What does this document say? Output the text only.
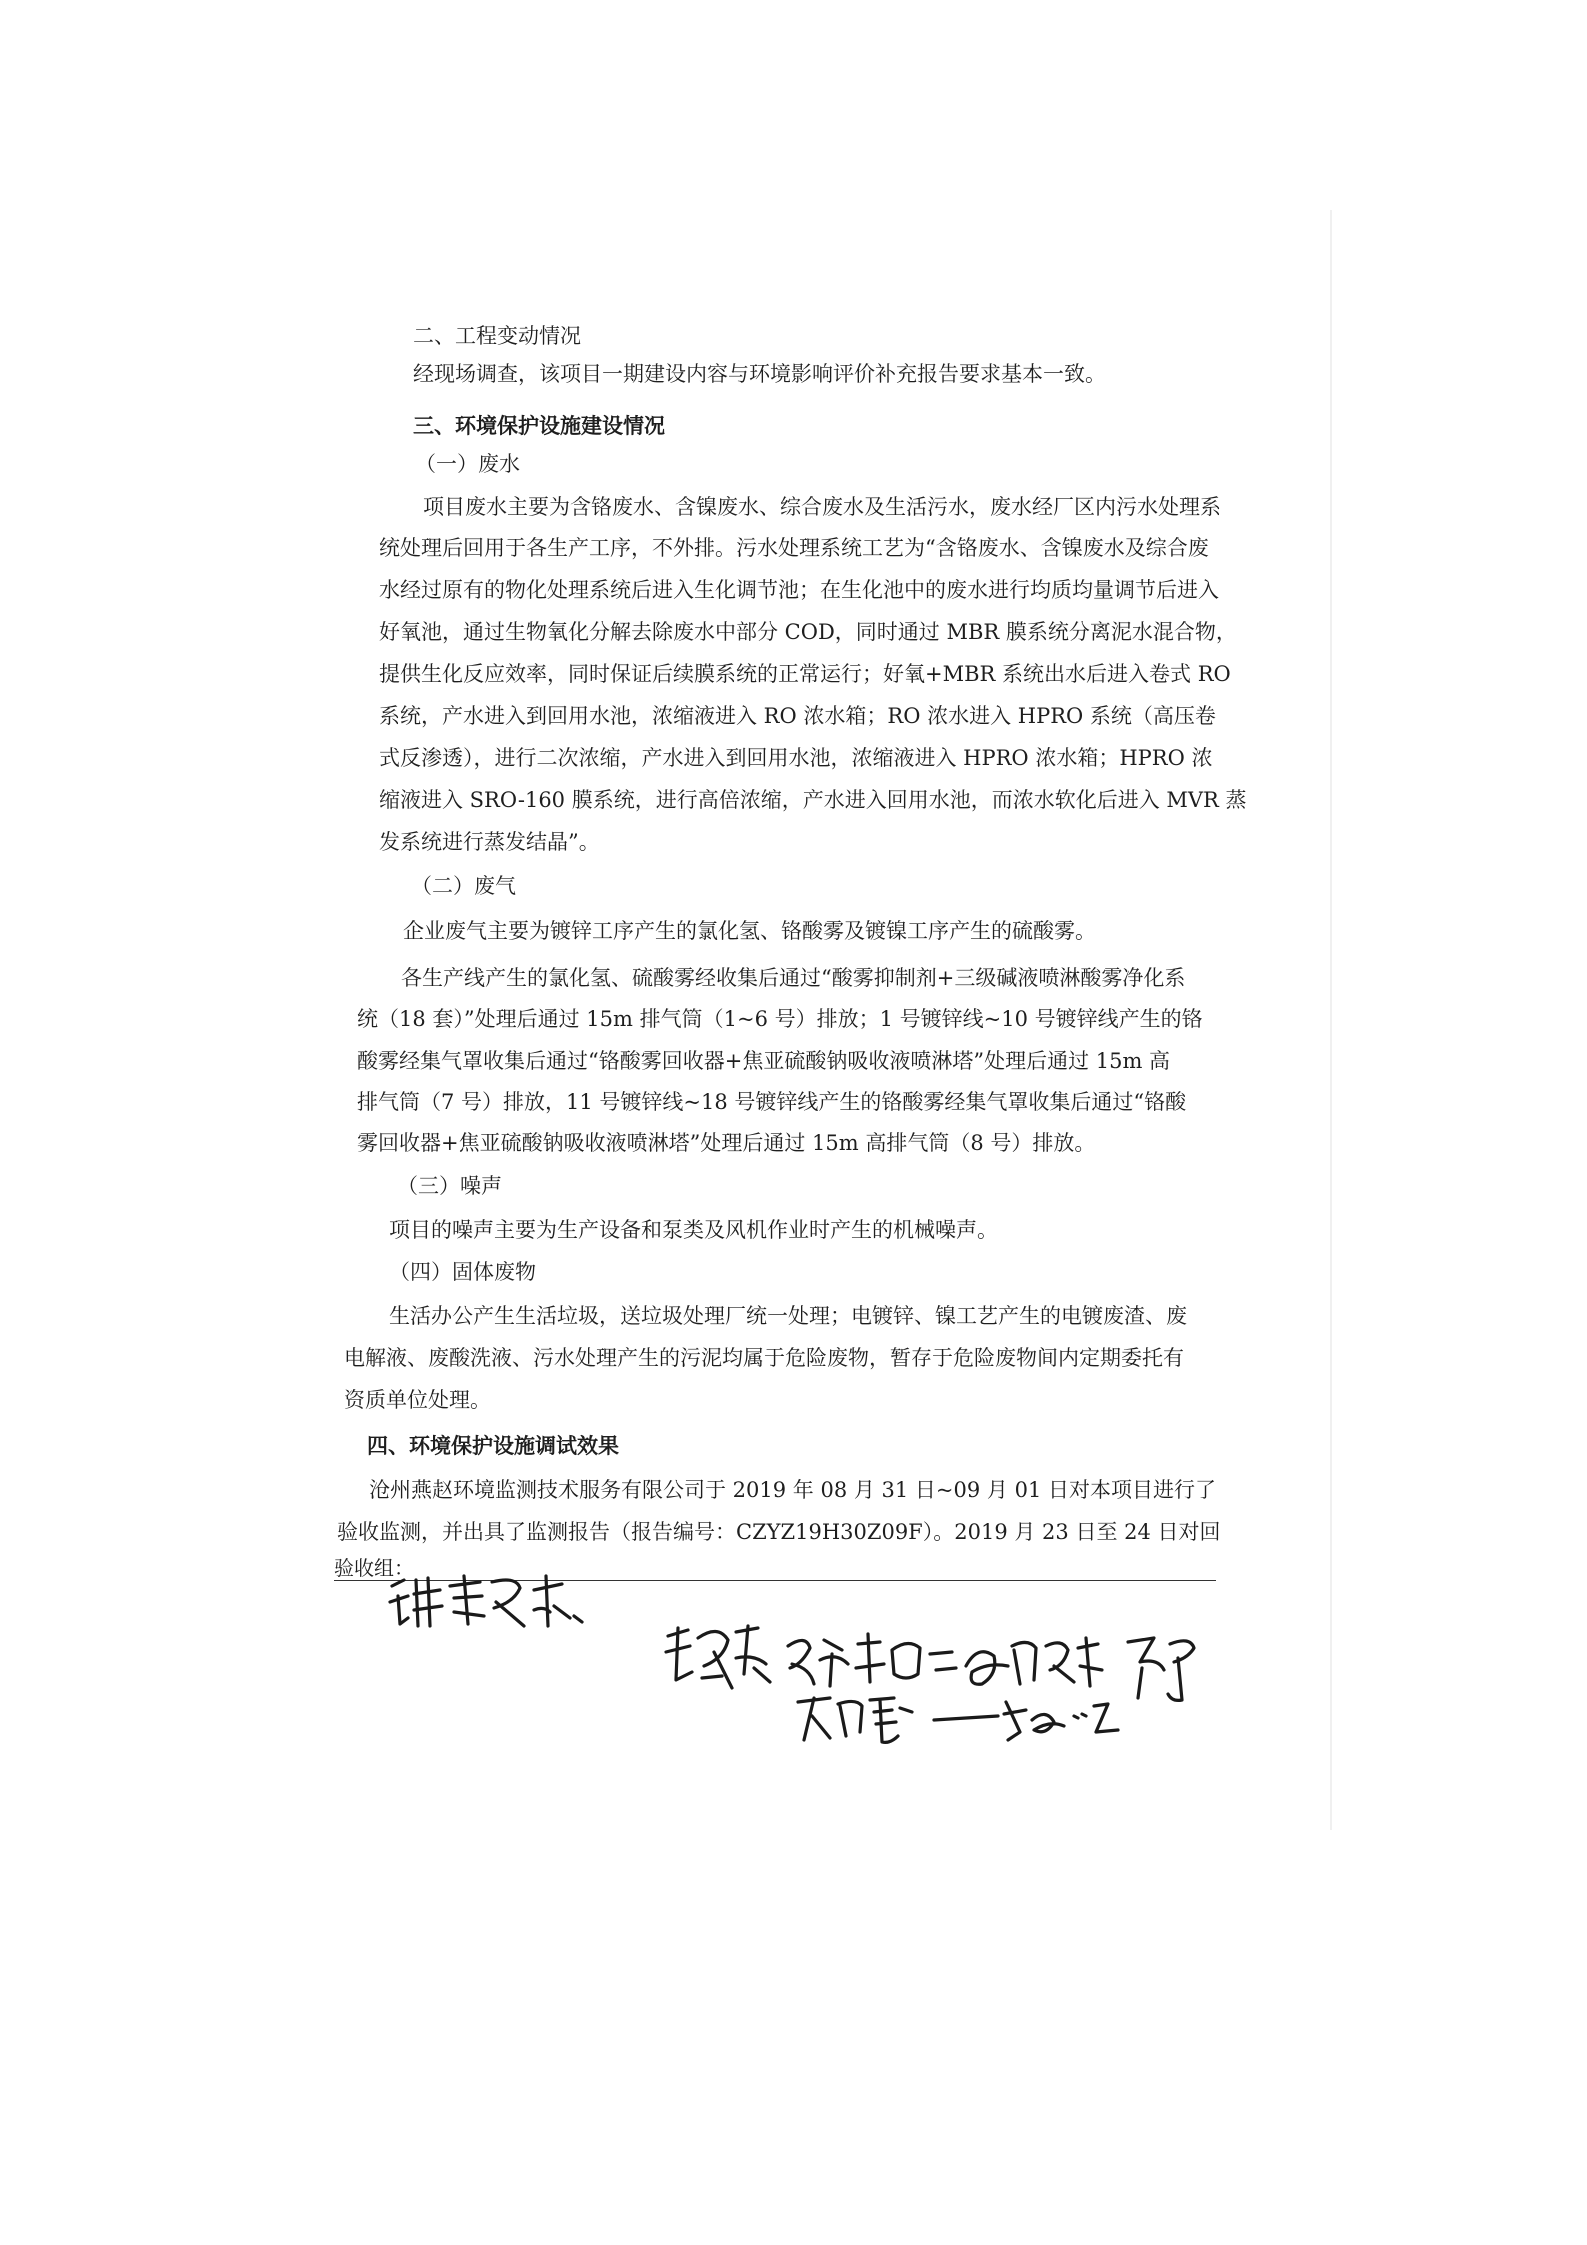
二、工程变动情况
经现场调查，该项目一期建设内容与环境影响评价补充报告要求基本一致。
三、环境保护设施建设情况
（一）废水
项目废水主要为含铬废水、含镍废水、综合废水及生活污水，废水经厂区内污水处理系
统处理后回用于各生产工序，不外排。污水处理系统工艺为“含铬废水、含镍废水及综合废
水经过原有的物化处理系统后进入生化调节池；在生化池中的废水进行均质均量调节后进入
好氧池，通过生物氧化分解去除废水中部分 COD，同时通过 MBR 膜系统分离泥水混合物，
提供生化反应效率，同时保证后续膜系统的正常运行；好氧+MBR 系统出水后进入卷式 RO
系统，产水进入到回用水池，浓缩液进入 RO 浓水箱；RO 浓水进入 HPRO 系统（高压卷
式反渗透），进行二次浓缩，产水进入到回用水池，浓缩液进入 HPRO 浓水箱；HPRO 浓
缩液进入 SRO-160 膜系统，进行高倍浓缩，产水进入回用水池，而浓水软化后进入 MVR 蒸
发系统进行蒸发结晶”。
（二）废气
企业废气主要为镀锌工序产生的氯化氢、铬酸雾及镀镍工序产生的硫酸雾。
各生产线产生的氯化氢、硫酸雾经收集后通过“酸雾抑制剂+三级碱液喷淋酸雾净化系
统（18 套）”处理后通过 15m 排气筒（1~6 号）排放；1 号镀锌线~10 号镀锌线产生的铬
酸雾经集气罩收集后通过“铬酸雾回收器+焦亚硫酸钠吸收液喷淋塔”处理后通过 15m 高
排气筒（7 号）排放，11 号镀锌线~18 号镀锌线产生的铬酸雾经集气罩收集后通过“铬酸
雾回收器+焦亚硫酸钠吸收液喷淋塔”处理后通过 15m 高排气筒（8 号）排放。
（三）噪声
项目的噪声主要为生产设备和泵类及风机作业时产生的机械噪声。
（四）固体废物
生活办公产生生活垃圾，送垃圾处理厂统一处理；电镀锌、镍工艺产生的电镀废渣、废
电解液、废酸洗液、污水处理产生的污泥均属于危险废物，暂存于危险废物间内定期委托有
资质单位处理。
四、环境保护设施调试效果
沧州燕赵环境监测技术服务有限公司于 2019 年 08 月 31 日~09 月 01 日对本项目进行了
验收监测，并出具了监测报告（报告编号：CZYZ19H30Z09F）。2019 月 23 日至 24 日对回
验收组：
